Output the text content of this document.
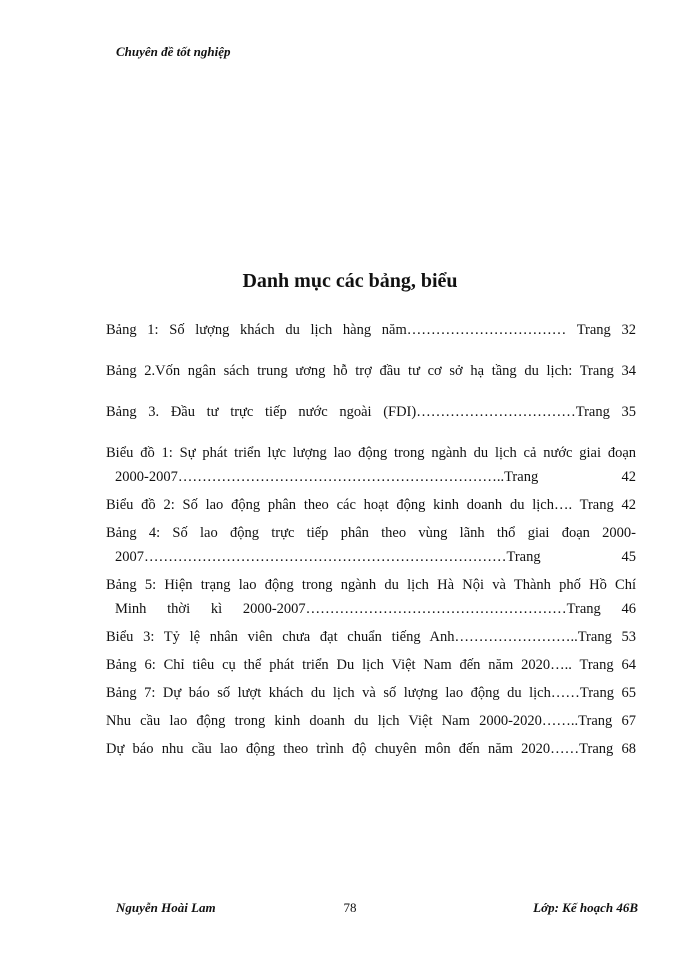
Chuyên đề tốt nghiệp
Danh mục các bảng, biểu
Bảng 1: Số lượng khách du lịch hàng năm…………………………… Trang 32
Bảng 2.Vốn ngân sách trung ương hỗ trợ đầu tư cơ sở hạ tầng du lịch: Trang 34
Bảng 3. Đầu tư trực tiếp nước ngoài (FDI)……………………………Trang 35
Biểu đồ 1: Sự phát triển lực lượng lao động trong ngành du lịch cả nước giai đoạn
2000-2007…………………………………………………………..Trang 42
Biểu đồ 2: Số lao động phân theo các hoạt động kinh doanh du lịch…. Trang 42
Bảng 4: Số lao động trực tiếp phân theo vùng lãnh thổ giai đoạn 2000-
2007…………………………………………………………………Trang 45
Bảng 5: Hiện trạng lao động trong ngành du lịch Hà Nội và Thành phố Hồ Chí
Minh thời kì 2000-2007………………………………………………Trang 46
Biểu 3: Tỷ lệ nhân viên chưa đạt chuẩn tiếng Anh……………………..Trang 53
Bảng 6: Chỉ tiêu cụ thể phát triển Du lịch Việt Nam đến năm 2020….. Trang 64
Bảng 7: Dự báo số lượt khách du lịch và số lượng lao động du lịch……Trang 65
Nhu cầu lao động trong kinh doanh du lịch Việt Nam 2000-2020……..Trang 67
Dự báo nhu cầu lao động theo trình độ chuyên môn đến năm 2020……Trang 68
Nguyễn Hoài Lam	78	Lớp: Kế hoạch 46B
